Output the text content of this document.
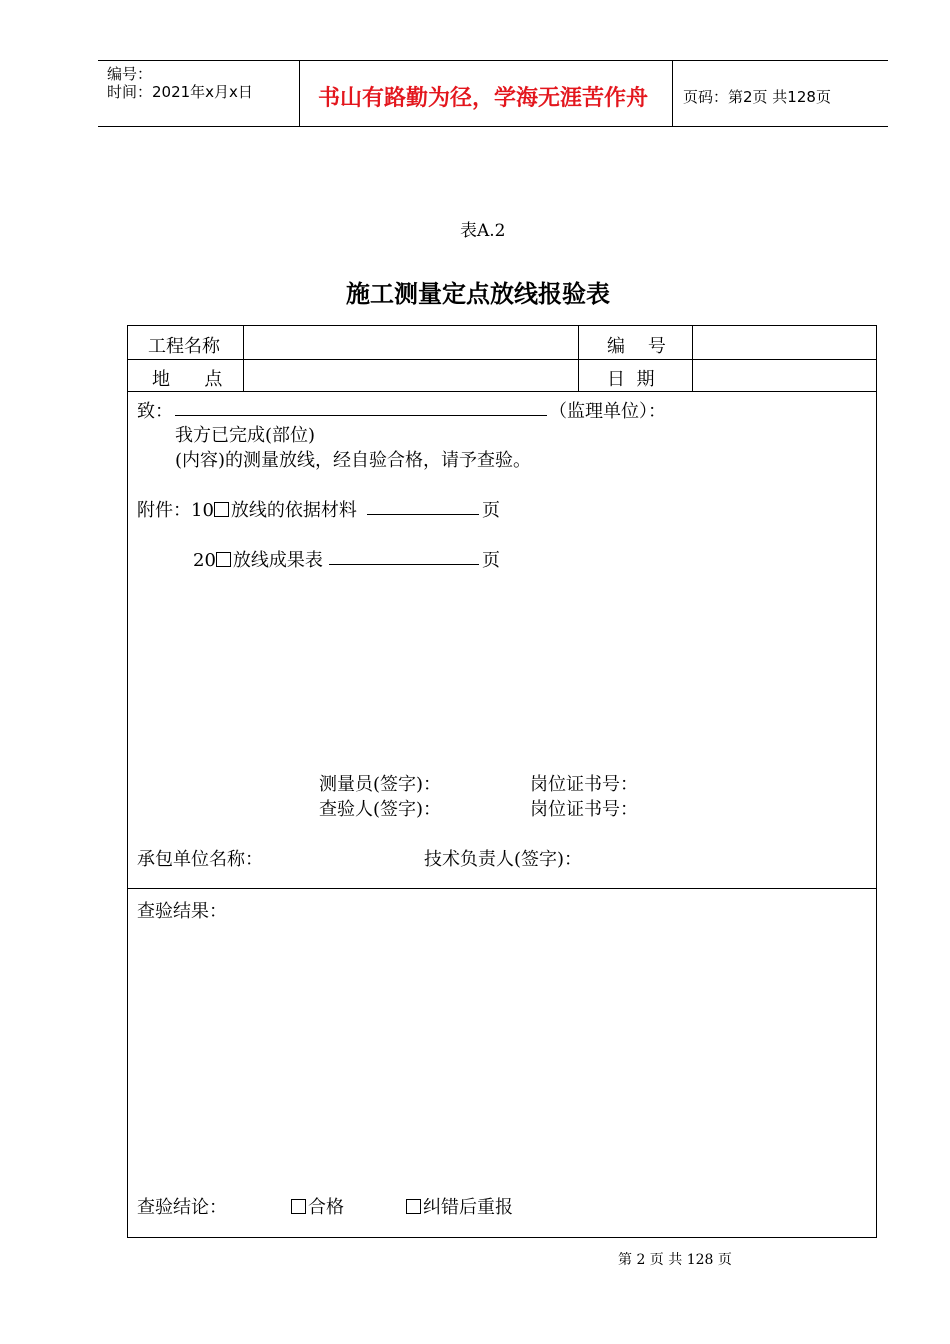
编号：
时间：2021年x月x日	书山有路勤为径，学海无涯苦作舟 页码：第2页 共128页
表A.2
施工测量定点放线报验表
工程名称	编    号
地      点	日  期
致：	（监理单位）：
我方已完成(部位)
(内容)的测量放线，经自验合格，请予查验。
附件：10 放线的依据材料	页
20 放线成果表	页
测量员(签字)：	岗位证书号：
查验人(签字)：	岗位证书号：
承包单位名称：	技术负责人(签字)：
查验结果：
查验结论：	合格	纠错后重报
第 2 页 共 128 页
